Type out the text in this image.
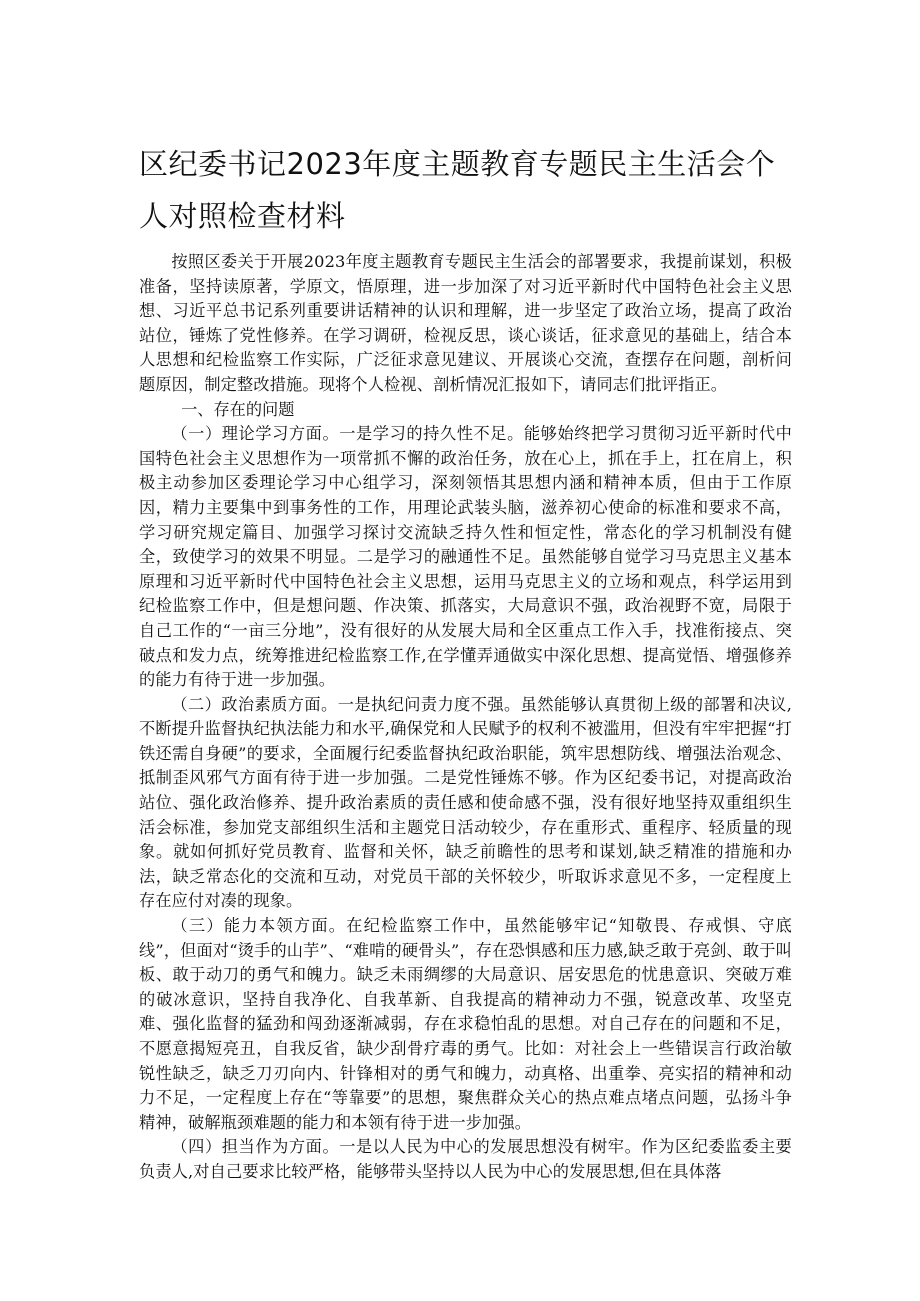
区纪委书记2023年度主题教育专题民主生活会个人对照检查材料

按照区委关于开展2023年度主题教育专题民主生活会的部署要求，我提前谋划，积极准备，坚持读原著，学原文，悟原理，进一步加深了对习近平新时代中国特色社会主义思想、习近平总书记系列重要讲话精神的认识和理解，进一步坚定了政治立场，提高了政治站位，锤炼了党性修养。在学习调研，检视反思，谈心谈话，征求意见的基础上，结合本人思想和纪检监察工作实际，广泛征求意见建议、开展谈心交流，查摆存在问题，剖析问题原因，制定整改措施。现将个人检视、剖析情况汇报如下，请同志们批评指正。

一、存在的问题

（一）理论学习方面。一是学习的持久性不足。能够始终把学习贯彻习近平新时代中国特色社会主义思想作为一项常抓不懈的政治任务，放在心上，抓在手上，扛在肩上，积极主动参加区委理论学习中心组学习，深刻领悟其思想内涵和精神本质，但由于工作原因，精力主要集中到事务性的工作，用理论武装头脑，滋养初心使命的标准和要求不高，学习研究规定篇目、加强学习探讨交流缺乏持久性和恒定性，常态化的学习机制没有健全，致使学习的效果不明显。二是学习的融通性不足。虽然能够自觉学习马克思主义基本原理和习近平新时代中国特色社会主义思想，运用马克思主义的立场和观点，科学运用到纪检监察工作中，但是想问题、作决策、抓落实，大局意识不强，政治视野不宽，局限于自己工作的“一亩三分地”，没有很好的从发展大局和全区重点工作入手，找准衔接点、突破点和发力点，统筹推进纪检监察工作,在学懂弄通做实中深化思想、提高觉悟、增强修养的能力有待于进一步加强。

（二）政治素质方面。一是执纪问责力度不强。虽然能够认真贯彻上级的部署和决议,不断提升监督执纪执法能力和水平,确保党和人民赋予的权利不被滥用，但没有牢牢把握“打铁还需自身硬”的要求，全面履行纪委监督执纪政治职能，筑牢思想防线、增强法治观念、抵制歪风邪气方面有待于进一步加强。二是党性锤炼不够。作为区纪委书记，对提高政治站位、强化政治修养、提升政治素质的责任感和使命感不强，没有很好地坚持双重组织生活会标准，参加党支部组织生活和主题党日活动较少，存在重形式、重程序、轻质量的现象。就如何抓好党员教育、监督和关怀，缺乏前瞻性的思考和谋划,缺乏精准的措施和办法，缺乏常态化的交流和互动，对党员干部的关怀较少，听取诉求意见不多，一定程度上存在应付对凑的现象。

（三）能力本领方面。在纪检监察工作中，虽然能够牢记“知敬畏、存戒惧、守底线”，但面对“烫手的山芋”、“难啃的硬骨头”，存在恐惧感和压力感,缺乏敢于亮剑、敢于叫板、敢于动刀的勇气和魄力。缺乏未雨绸缪的大局意识、居安思危的忧患意识、突破万难的破冰意识，坚持自我净化、自我革新、自我提高的精神动力不强，锐意改革、攻坚克难、强化监督的猛劲和闯劲逐渐减弱，存在求稳怕乱的思想。对自己存在的问题和不足，不愿意揭短亮丑，自我反省，缺少刮骨疗毒的勇气。比如：对社会上一些错误言行政治敏锐性缺乏，缺乏刀刃向内、针锋相对的勇气和魄力，动真格、出重拳、亮实招的精神和动力不足，一定程度上存在“等靠要”的思想，聚焦群众关心的热点难点堵点问题，弘扬斗争精神，破解瓶颈难题的能力和本领有待于进一步加强。

（四）担当作为方面。一是以人民为中心的发展思想没有树牢。作为区纪委监委主要负责人,对自己要求比较严格，能够带头坚持以人民为中心的发展思想,但在具体落
